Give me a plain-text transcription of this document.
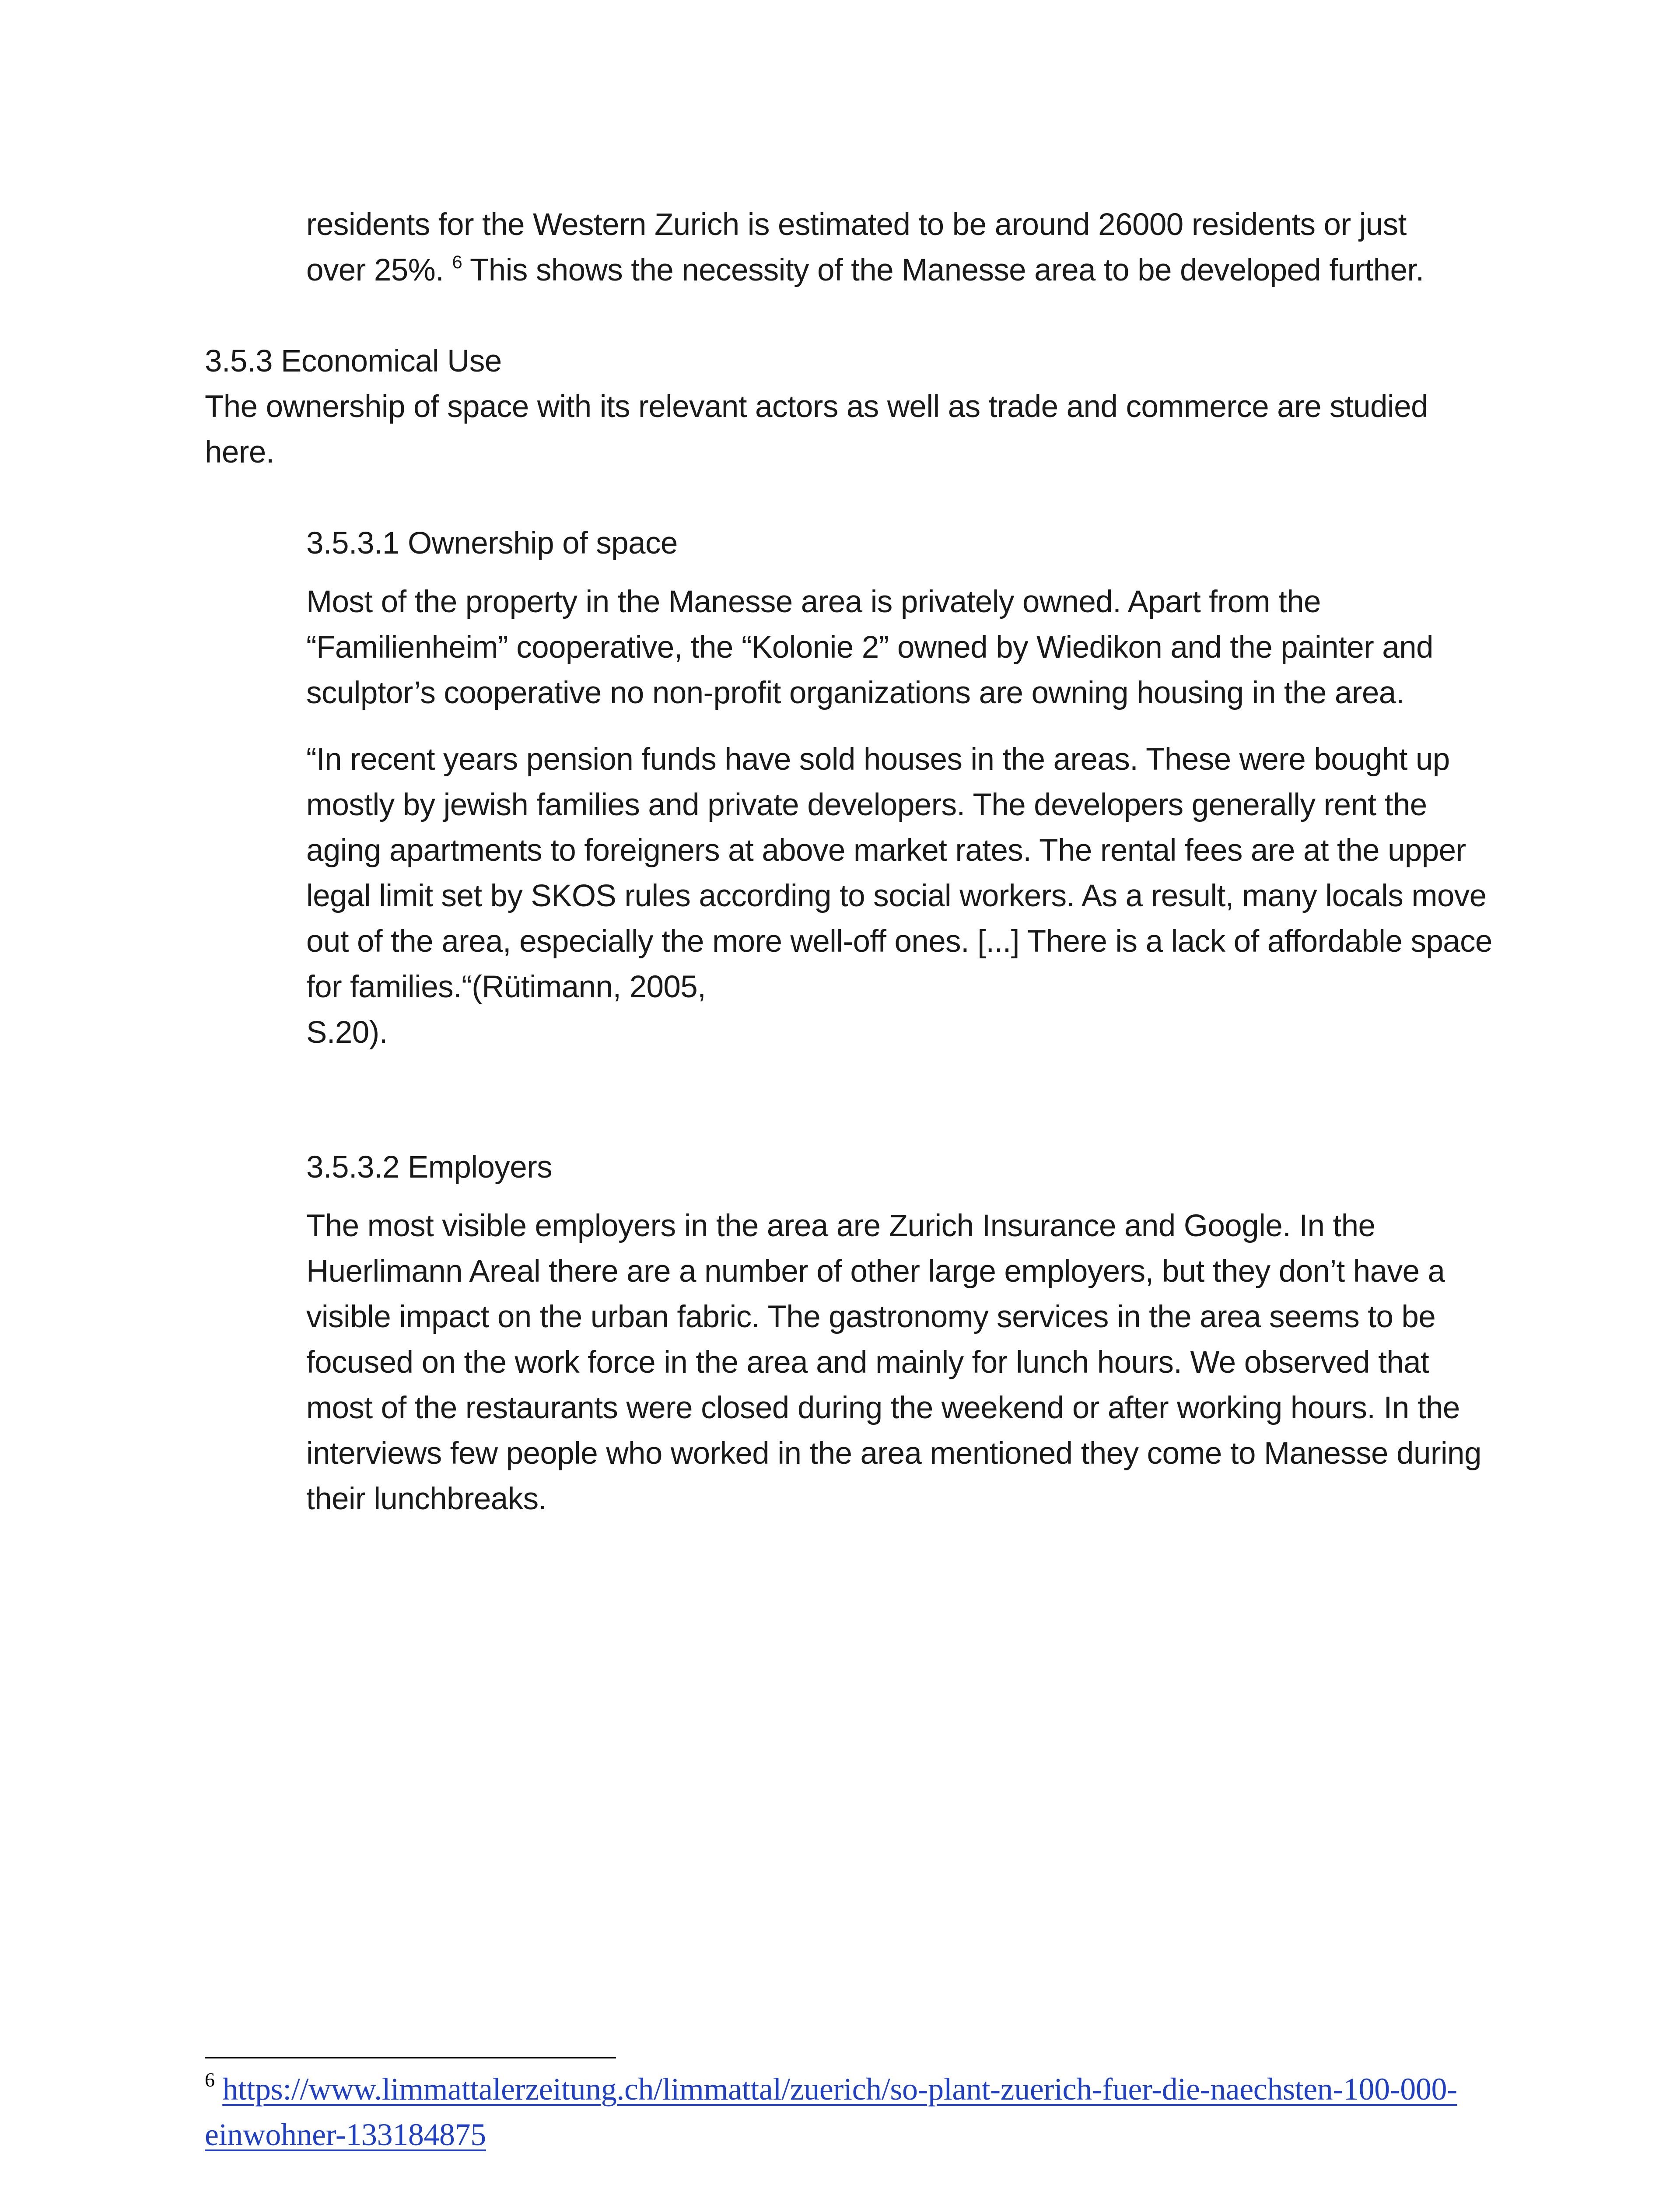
residents for the Western Zurich is estimated to be around 26000 residents or just

over 25%. $^6$ This shows the necessity of the Manesse area to be developed further.

3.5.3 Economical Use

The ownership of space with its relevant actors as well as trade and commerce are studied here.

3.5.3.1 Ownership of space

Most of the property in the Manesse area is privately owned. Apart from the “Familienheim” cooperative, the “Kolonie 2” owned by Wiedikon and the painter and sculptor’s cooperative no non-profit organizations are owning housing in the area.

“In recent years pension funds have sold houses in the areas. These were bought up mostly by jewish families and private developers. The developers generally rent the aging apartments to foreigners at above market rates. The rental fees are at the upper legal limit set by SKOS rules according to social workers. As a result, many locals move out of the area, especially the more well-off ones. [...] There is a lack of affordable space for families.“(Rütimann, 2005,

S.20).

3.5.3.2 Employers

The most visible employers in the area are Zurich Insurance and Google. In the Huerlimann Areal there are a number of other large employers, but they don’t have a visible impact on the urban fabric. The gastronomy services in the area seems to be focused on the work force in the area and mainly for lunch hours. We observed that most of the restaurants were closed during the weekend or after working hours. In the interviews few people who worked in the area mentioned they come to Manesse during their lunchbreaks.

$^6$ https://www.limmattalerzeitung.ch/limmattal/zuerich/so-plant-zuerich-fuer-die-naechsten-100-000-einwohner-133184875
